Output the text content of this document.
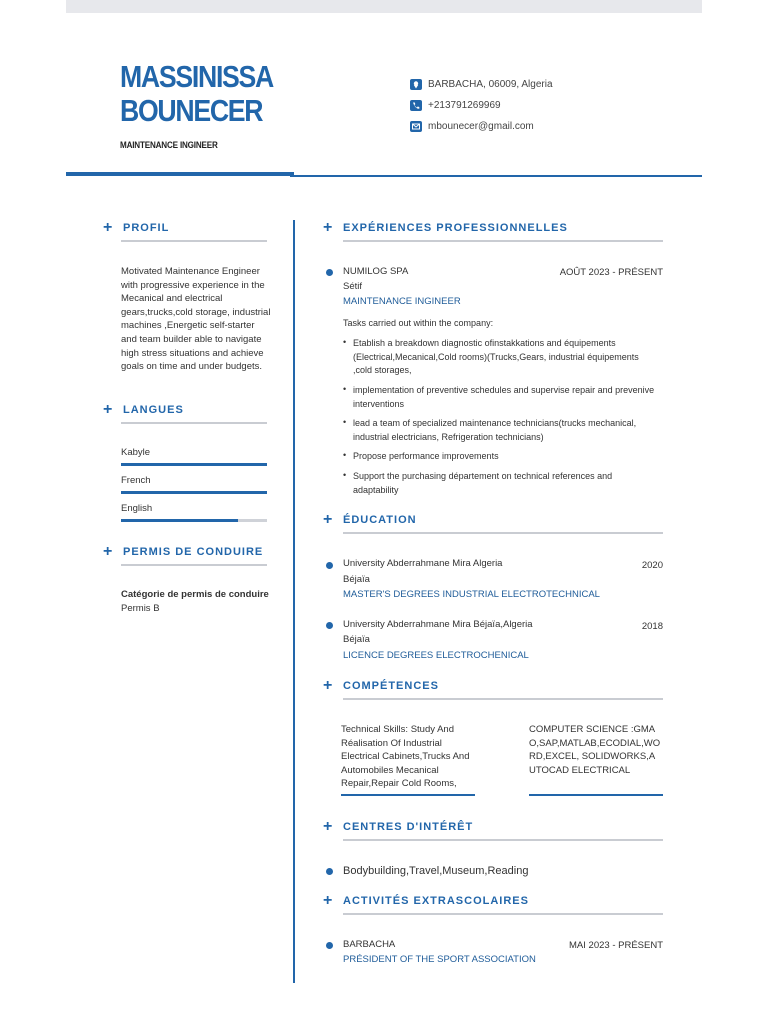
MASSINISSA
BOUNECER
MAINTENANCE INGINEER
BARBACHA, 06009, Algeria
+213791269969
mbounecer@gmail.com
+ PROFIL
Motivated Maintenance Engineer with progressive experience in the Mecanical and electrical gears,trucks,cold storage, industrial machines ,Energetic self-starter and team builder able to navigate high stress situations and achieve goals on time and under budgets.
+ LANGUES
Kabyle
French
English
+ PERMIS DE CONDUIRE
Catégorie de permis de conduire
Permis B
+ EXPÉRIENCES PROFESSIONNELLES
NUMILOG SPA	AOÛT 2023 - PRÉSENT
Sétif
MAINTENANCE INGINEER
Tasks carried out within the company:
• Etablish a breakdown diagnostic ofinstakkations and équipements (Electrical,Mecanical,Cold rooms)(Trucks,Gears, industrial équipements ,cold storages,
• implementation of preventive schedules and supervise repair and prevenive interventions
• lead a team of specialized maintenance technicians(trucks mechanical, industrial electricians, Refrigeration technicians)
• Propose performance improvements
• Support the purchasing département on technical references and adaptability
+ ÉDUCATION
University Abderrahmane Mira Algeria	2020
Béjaïa
MASTER'S DEGREES INDUSTRIAL ELECTROTECHNICAL
University Abderrahmane Mira Béjaïa,Algeria	2018
Béjaïa
LICENCE DEGREES ELECTROCHENICAL
+ COMPÉTENCES
Technical Skills: Study And Réalisation Of Industrial Electrical Cabinets,Trucks And Automobiles Mecanical Repair,Repair Cold Rooms,
COMPUTER SCIENCE :GMAO,SAP,MATLAB,ECODIAL,WORD,EXCEL, SOLIDWORKS,AUTOCAD ELECTRICAL
+ CENTRES D'INTÉRÊT
Bodybuilding,Travel,Museum,Reading
+ ACTIVITÉS EXTRASCOLAIRES
BARBACHA	MAI 2023 - PRÉSENT
PRÉSIDENT OF THE SPORT ASSOCIATION
